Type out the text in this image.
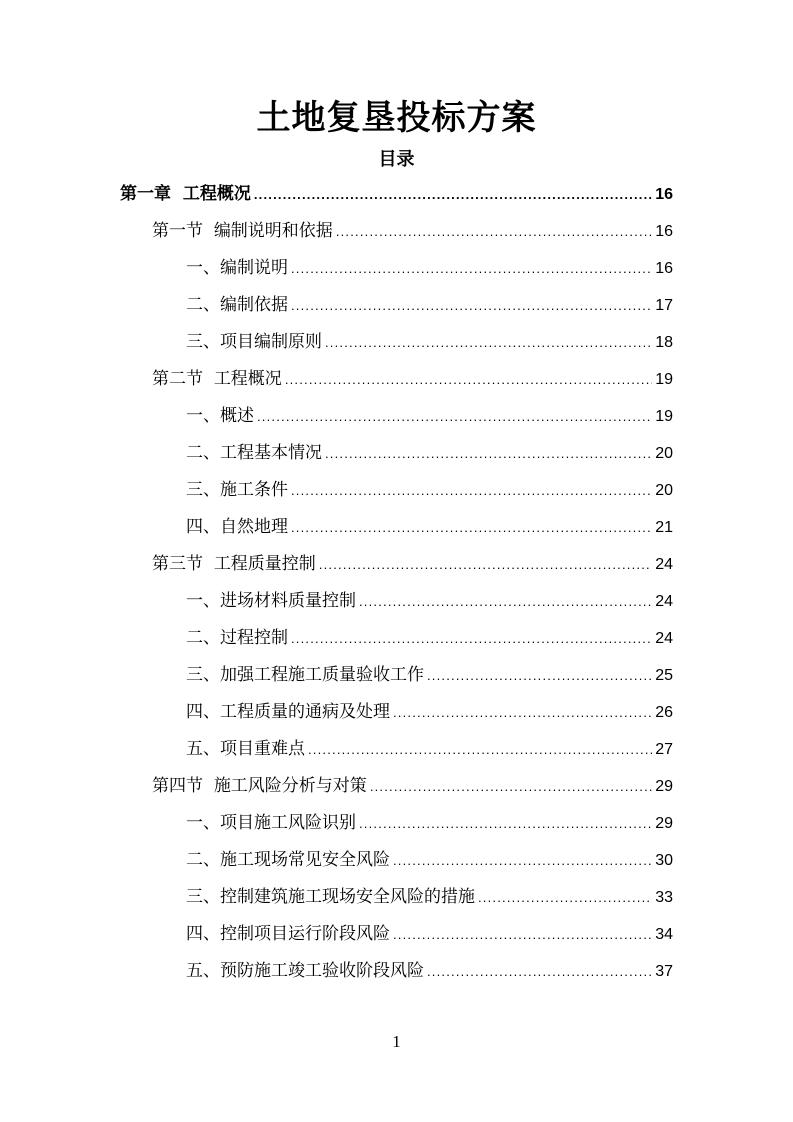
土地复垦投标方案
目录
第一章 工程概况 .....	16
第一节 编制说明和依据 .....	16
一、编制说明 .....	16
二、编制依据 .....	17
三、项目编制原则 .....	18
第二节 工程概况 .....	19
一、概述 .....	19
二、工程基本情况 .....	20
三、施工条件 .....	20
四、自然地理 .....	21
第三节 工程质量控制 .....	24
一、进场材料质量控制 .....	24
二、过程控制 .....	24
三、加强工程施工质量验收工作 .....	25
四、工程质量的通病及处理 .....	26
五、项目重难点 .....	27
第四节 施工风险分析与对策 .....	29
一、项目施工风险识别 .....	29
二、施工现场常见安全风险 .....	30
三、控制建筑施工现场安全风险的措施 .....	33
四、控制项目运行阶段风险 .....	34
五、预防施工竣工验收阶段风险 .....	37
1
